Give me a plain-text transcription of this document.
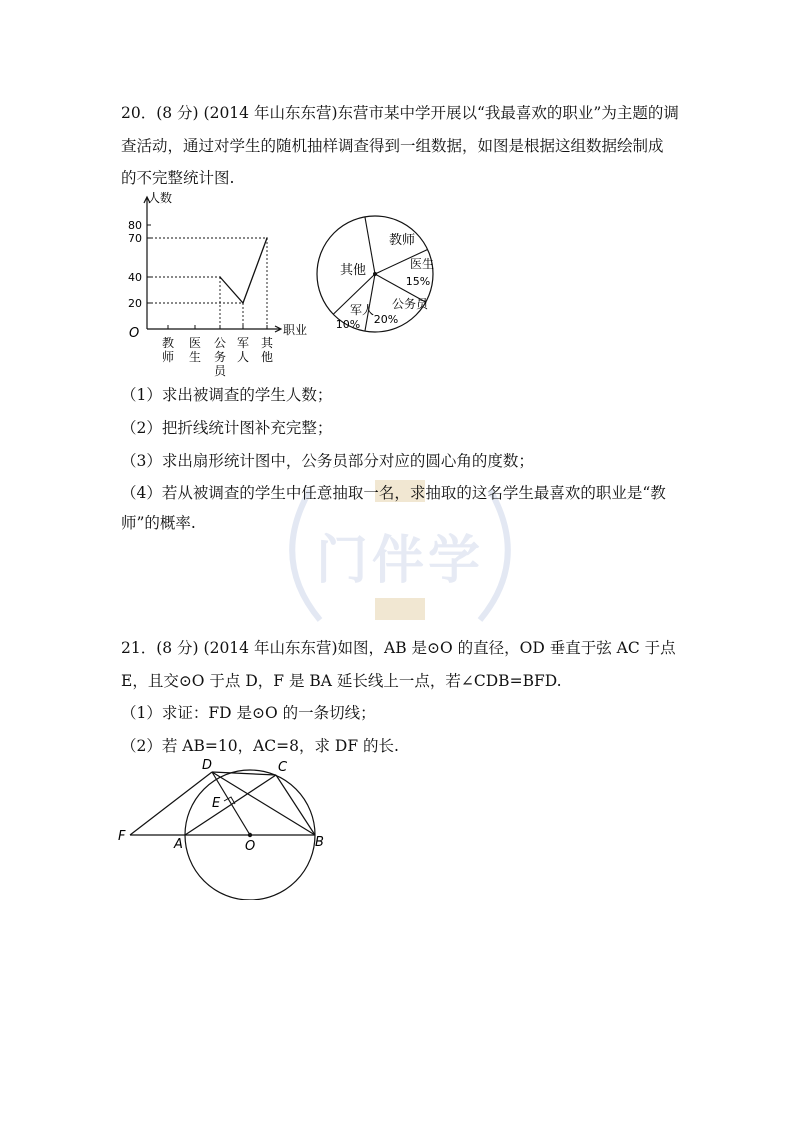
门伴学
20．(8 分) (2014 年山东东营)东营市某中学开展以“我最喜欢的职业”为主题的调
查活动，通过对学生的随机抽样调查得到一组数据，如图是根据这组数据绘制成
的不完整统计图.
人数
职业
O
20
40
70
80
教
师
医
生
公
务
员
军
人
其
他
教师
医生
15%
公务员
20%
军人
10%
其他
（1）求出被调查的学生人数；
（2）把折线统计图补充完整；
（3）求出扇形统计图中，公务员部分对应的圆心角的度数；
（4）若从被调查的学生中任意抽取一名，求抽取的这名学生最喜欢的职业是“教
师”的概率.
21．(8 分) (2014 年山东东营)如图，AB 是⊙O 的直径，OD 垂直于弦 AC 于点
E，且交⊙O 于点 D，F 是 BA 延长线上一点，若∠CDB=BFD.
（1）求证：FD 是⊙O 的一条切线；
（2）若 AB=10，AC=8，求 DF 的长.
D	C
E
F
A	O	B
